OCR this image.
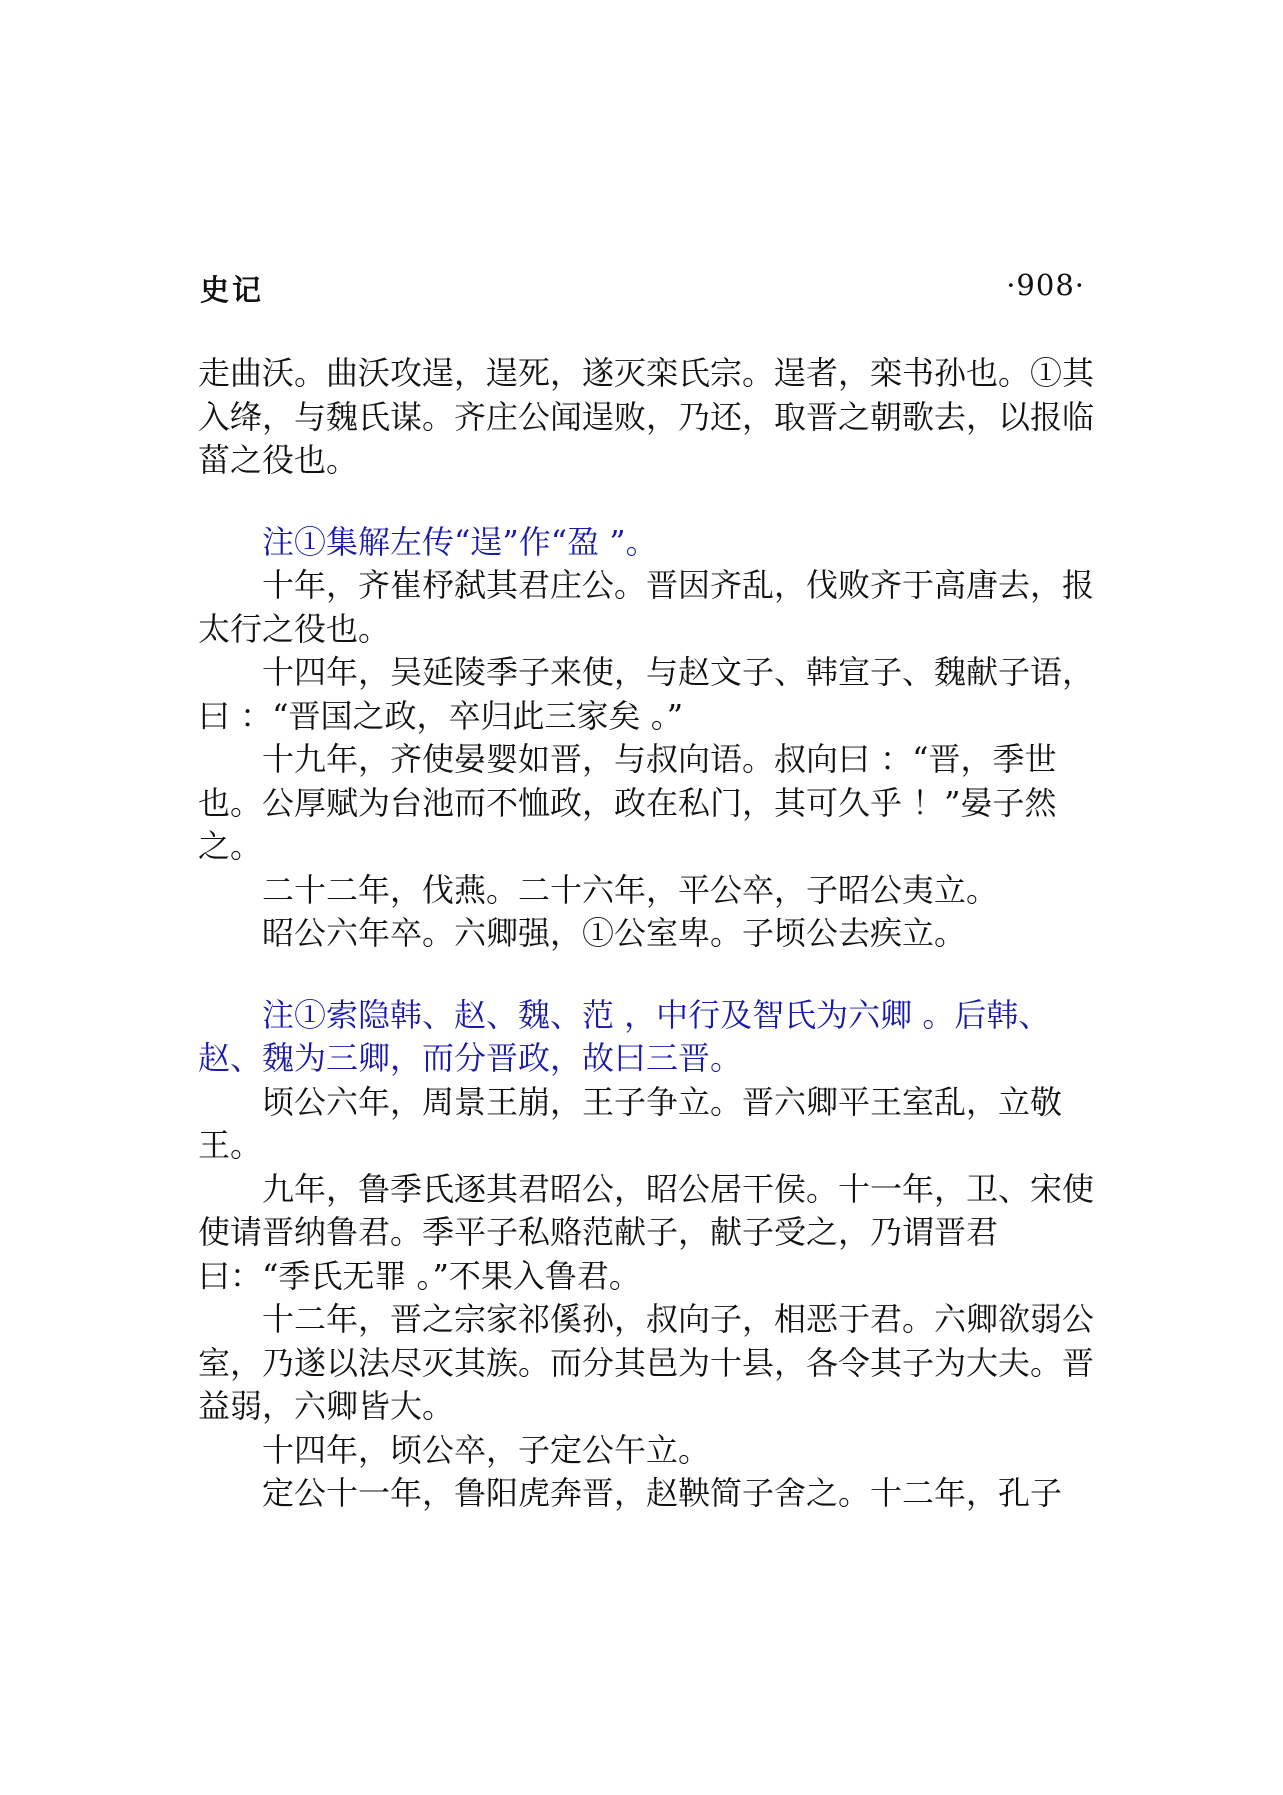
史记	·908·

走曲沃。曲沃攻逞，逞死，遂灭栾氏宗。逞者，栾书孙也。①其入绛，与魏氏谋。齐庄公闻逞败，乃还，取晋之朝歌去，以报临菑之役也。

注①集解左传“逞”作“盈 ”。

十年，齐崔杼弑其君庄公。晋因齐乱，伐败齐于高唐去，报太行之役也。

十四年，吴延陵季子来使，与赵文子、韩宣子、魏献子语，曰 ：“晋国之政，卒归此三家矣 。”

十九年，齐使晏婴如晋，与叔向语。叔向曰 ：“晋，季世也。公厚赋为台池而不恤政，政在私门，其可久乎 ！”晏子然之。

二十二年，伐燕。二十六年，平公卒，子昭公夷立。

昭公六年卒。六卿强，①公室卑。子顷公去疾立。

注①索隐韩、赵、魏、范 ，中行及智氏为六卿 。后韩、赵、魏为三卿，而分晋政，故曰三晋。

顷公六年，周景王崩，王子争立。晋六卿平王室乱，立敬王。

九年，鲁季氏逐其君昭公，昭公居干侯。十一年，卫、宋使使请晋纳鲁君。季平子私赂范献子，献子受之，乃谓晋君曰：“季氏无罪 。”不果入鲁君。

十二年，晋之宗家祁傒孙，叔向子，相恶于君。六卿欲弱公室，乃遂以法尽灭其族。而分其邑为十县，各令其子为大夫。晋益弱，六卿皆大。

十四年，顷公卒，子定公午立。

定公十一年，鲁阳虎奔晋，赵鞅简子舍之。十二年，孔子
